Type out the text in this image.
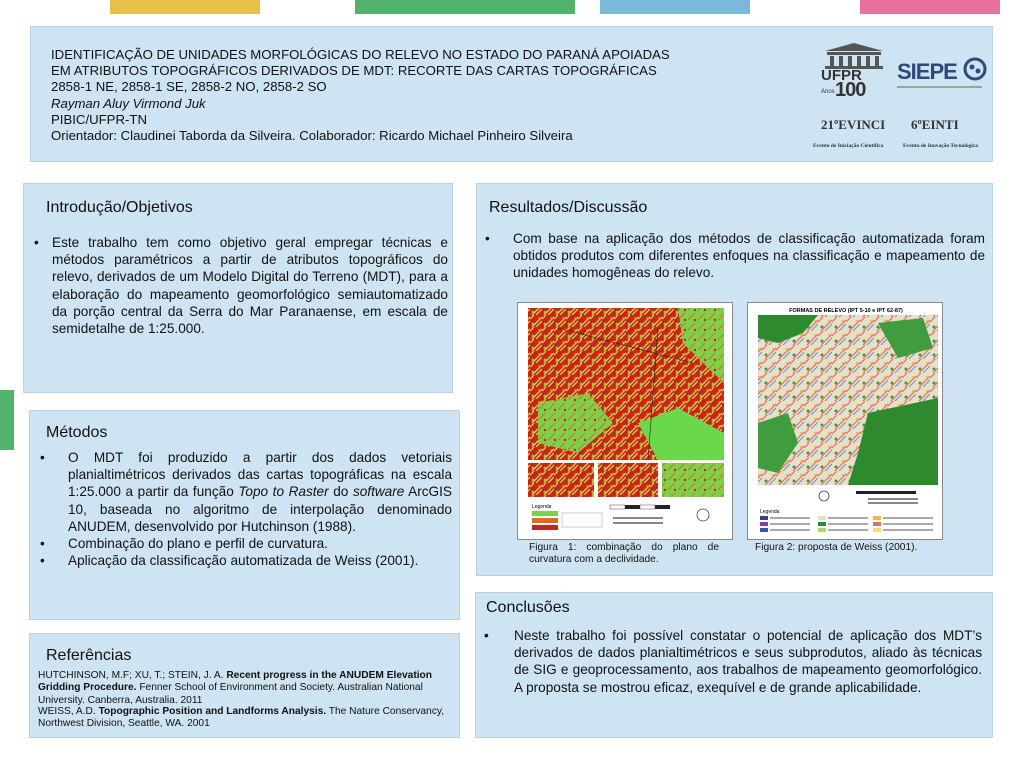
IDENTIFICAÇÃO DE UNIDADES MORFOLÓGICAS DO RELEVO NO ESTADO DO PARANÁ APOIADAS
EM ATRIBUTOS TOPOGRÁFICOS DERIVADOS DE MDT: RECORTE DAS CARTAS TOPOGRÁFICAS
2858-1 NE, 2858-1 SE, 2858-2 NO, 2858-2 SO
Rayman Aluy Virmond Juk
PIBIC/UFPR-TN
Orientador: Claudinei Taborda da Silveira. Colaborador: Ricardo Michael Pinheiro Silveira
UFPR
100
Anos
SIEPE
21ºEVINCI 6ºEINTI
Evento de Iniciação Científica	Evento de Inovação Tecnológica
Introdução/Objetivos
• Este trabalho tem como objetivo geral empregar técnicas e métodos paramétricos a partir de atributos topográficos do relevo, derivados de um Modelo Digital do Terreno (MDT), para a elaboração do mapeamento geomorfológico semiautomatizado da porção central da Serra do Mar Paranaense, em escala de semidetalhe de 1:25.000.
Métodos
• O MDT foi produzido a partir dos dados vetoriais planialtimétricos derivados das cartas topográficas na escala 1:25.000 a partir da função Topo to Raster do software ArcGIS 10, baseada no algoritmo de interpolação denominado ANUDEM, desenvolvido por Hutchinson (1988).
• Combinação do plano e perfil de curvatura.
• Aplicação da classificação automatizada de Weiss (2001).
Referências
HUTCHINSON, M.F; XU, T.; STEIN, J. A. Recent progress in the ANUDEM Elevation Gridding Procedure. Fenner School of Environment and Society. Australian National University. Canberra, Australia. 2011
WEISS, A.D. Topographic Position and Landforms Analysis. The Nature Conservancy, Northwest Division, Seattle, WA. 2001
Resultados/Discussão
• Com base na aplicação dos métodos de classificação automatizada foram obtidos produtos com diferentes enfoques na classificação e mapeamento de unidades homogêneas do relevo.
Legenda
Figura 1: combinação do plano de curvatura com a declividade.
FORMAS DE RELEVO (IPT 5-10 e IPT 62-87)
Legenda
Figura 2: proposta de Weiss (2001).
Conclusões
• Neste trabalho foi possível constatar o potencial de aplicação dos MDT’s derivados de dados planialtimétricos e seus subprodutos, aliado às técnicas de SIG e geoprocessamento, aos trabalhos de mapeamento geomorfológico. A proposta se mostrou eficaz, exequível e de grande aplicabilidade.
